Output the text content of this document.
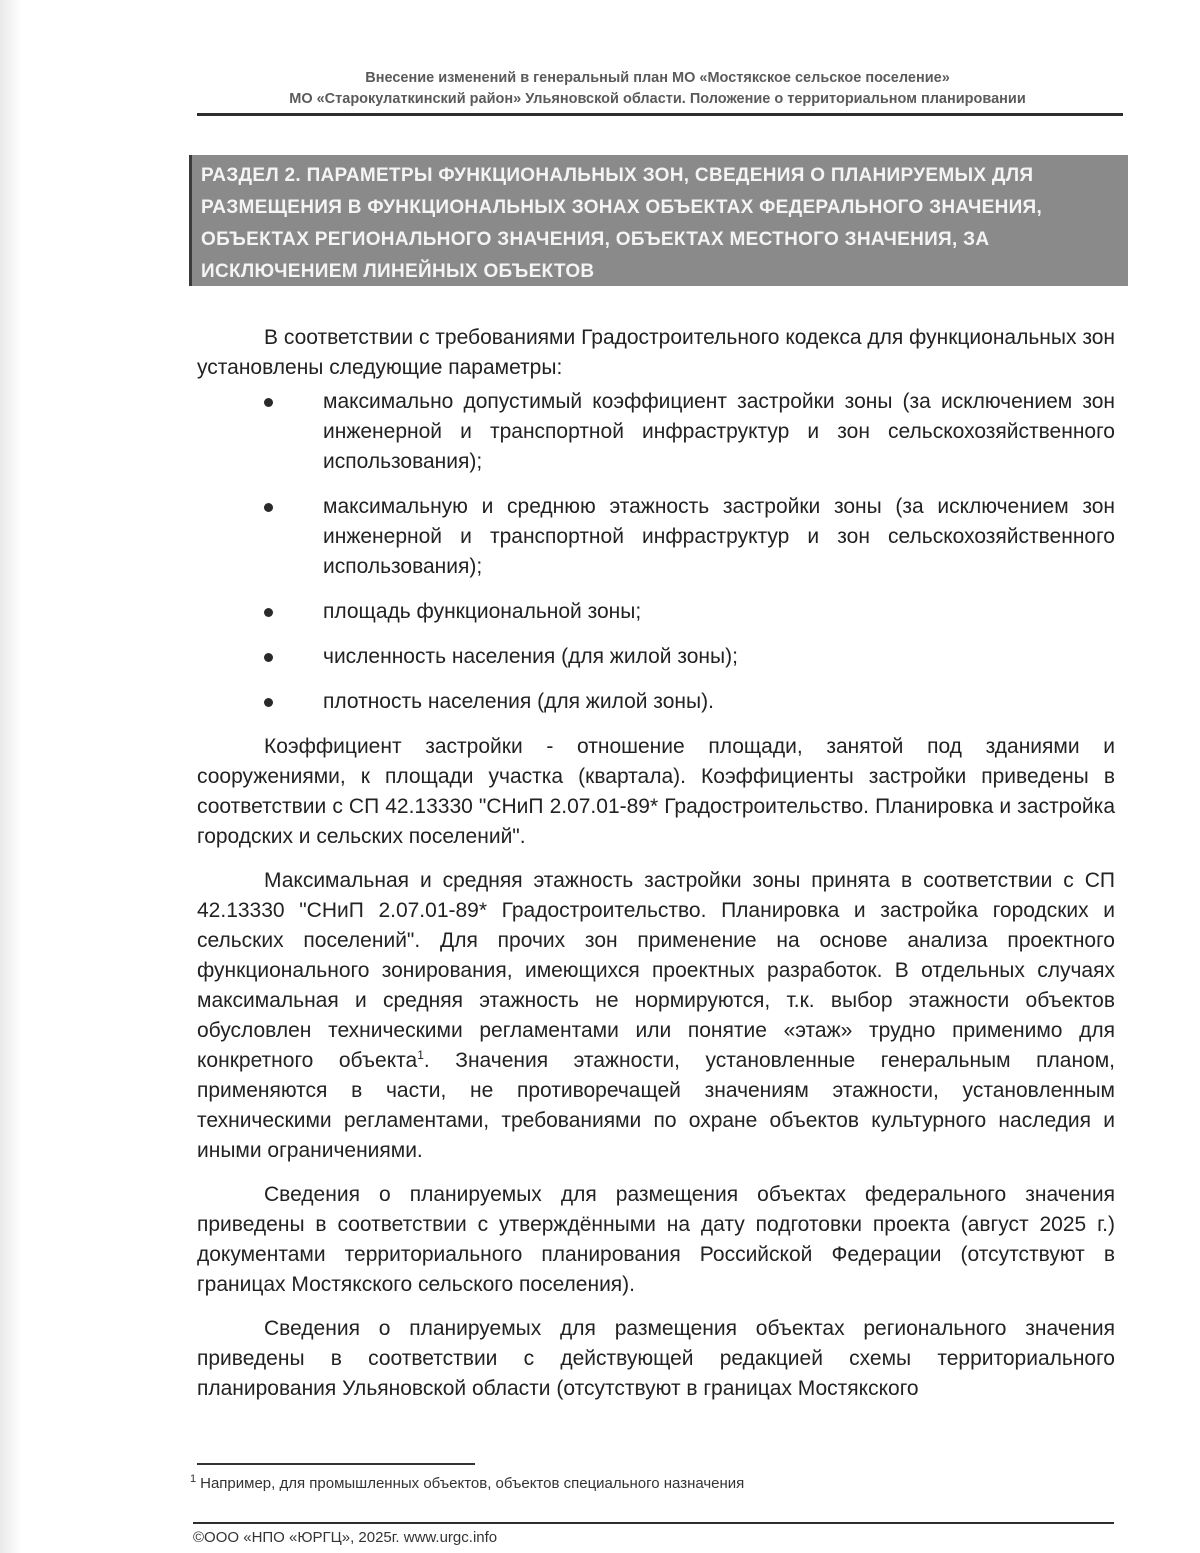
Внесение изменений в генеральный план МО «Мостякское сельское поселение»
МО «Старокулаткинский район» Ульяновской области. Положение о территориальном планировании
РАЗДЕЛ 2. ПАРАМЕТРЫ ФУНКЦИОНАЛЬНЫХ ЗОН, СВЕДЕНИЯ О ПЛАНИРУЕМЫХ ДЛЯ РАЗМЕЩЕНИЯ В ФУНКЦИОНАЛЬНЫХ ЗОНАХ ОБЪЕКТАХ ФЕДЕРАЛЬНОГО ЗНАЧЕНИЯ, ОБЪЕКТАХ РЕГИОНАЛЬНОГО ЗНАЧЕНИЯ, ОБЪЕКТАХ МЕСТНОГО ЗНАЧЕНИЯ, ЗА ИСКЛЮЧЕНИЕМ ЛИНЕЙНЫХ ОБЪЕКТОВ

В соответствии с требованиями Градостроительного кодекса для функциональных зон установлены следующие параметры:

максимально допустимый коэффициент застройки зоны (за исключением зон инженерной и транспортной инфраструктур и зон сельскохозяйственного использования);
максимальную и среднюю этажность застройки зоны (за исключением зон инженерной и транспортной инфраструктур и зон сельскохозяйственного использования);
площадь функциональной зоны;
численность населения (для жилой зоны);
плотность населения (для жилой зоны).

Коэффициент застройки - отношение площади, занятой под зданиями и сооружениями, к площади участка (квартала). Коэффициенты застройки приведены в соответствии с СП 42.13330 "СНиП 2.07.01-89* Градостроительство. Планировка и застройка городских и сельских поселений".

Максимальная и средняя этажность застройки зоны принята в соответствии с СП 42.13330 "СНиП 2.07.01-89* Градостроительство. Планировка и застройка городских и сельских поселений". Для прочих зон применение на основе анализа проектного функционального зонирования, имеющихся проектных разработок. В отдельных случаях максимальная и средняя этажность не нормируются, т.к. выбор этажности объектов обусловлен техническими регламентами или понятие «этаж» трудно применимо для конкретного объекта$^1$. Значения этажности, установленные генеральным планом, применяются в части, не противоречащей значениям этажности, установленным техническими регламентами, требованиями по охране объектов культурного наследия и иными ограничениями.

Сведения о планируемых для размещения объектах федерального значения приведены в соответствии с утверждёнными на дату подготовки проекта (август 2025 г.) документами территориального планирования Российской Федерации (отсутствуют в границах Мостякского сельского поселения).

Сведения о планируемых для размещения объектах регионального значения приведены в соответствии с действующей редакцией схемы территориального планирования Ульяновской области (отсутствуют в границах Мостякского

$^1$ Например, для промышленных объектов, объектов специального назначения
©ООО «НПО «ЮРГЦ», 2025г. www.urgc.info
